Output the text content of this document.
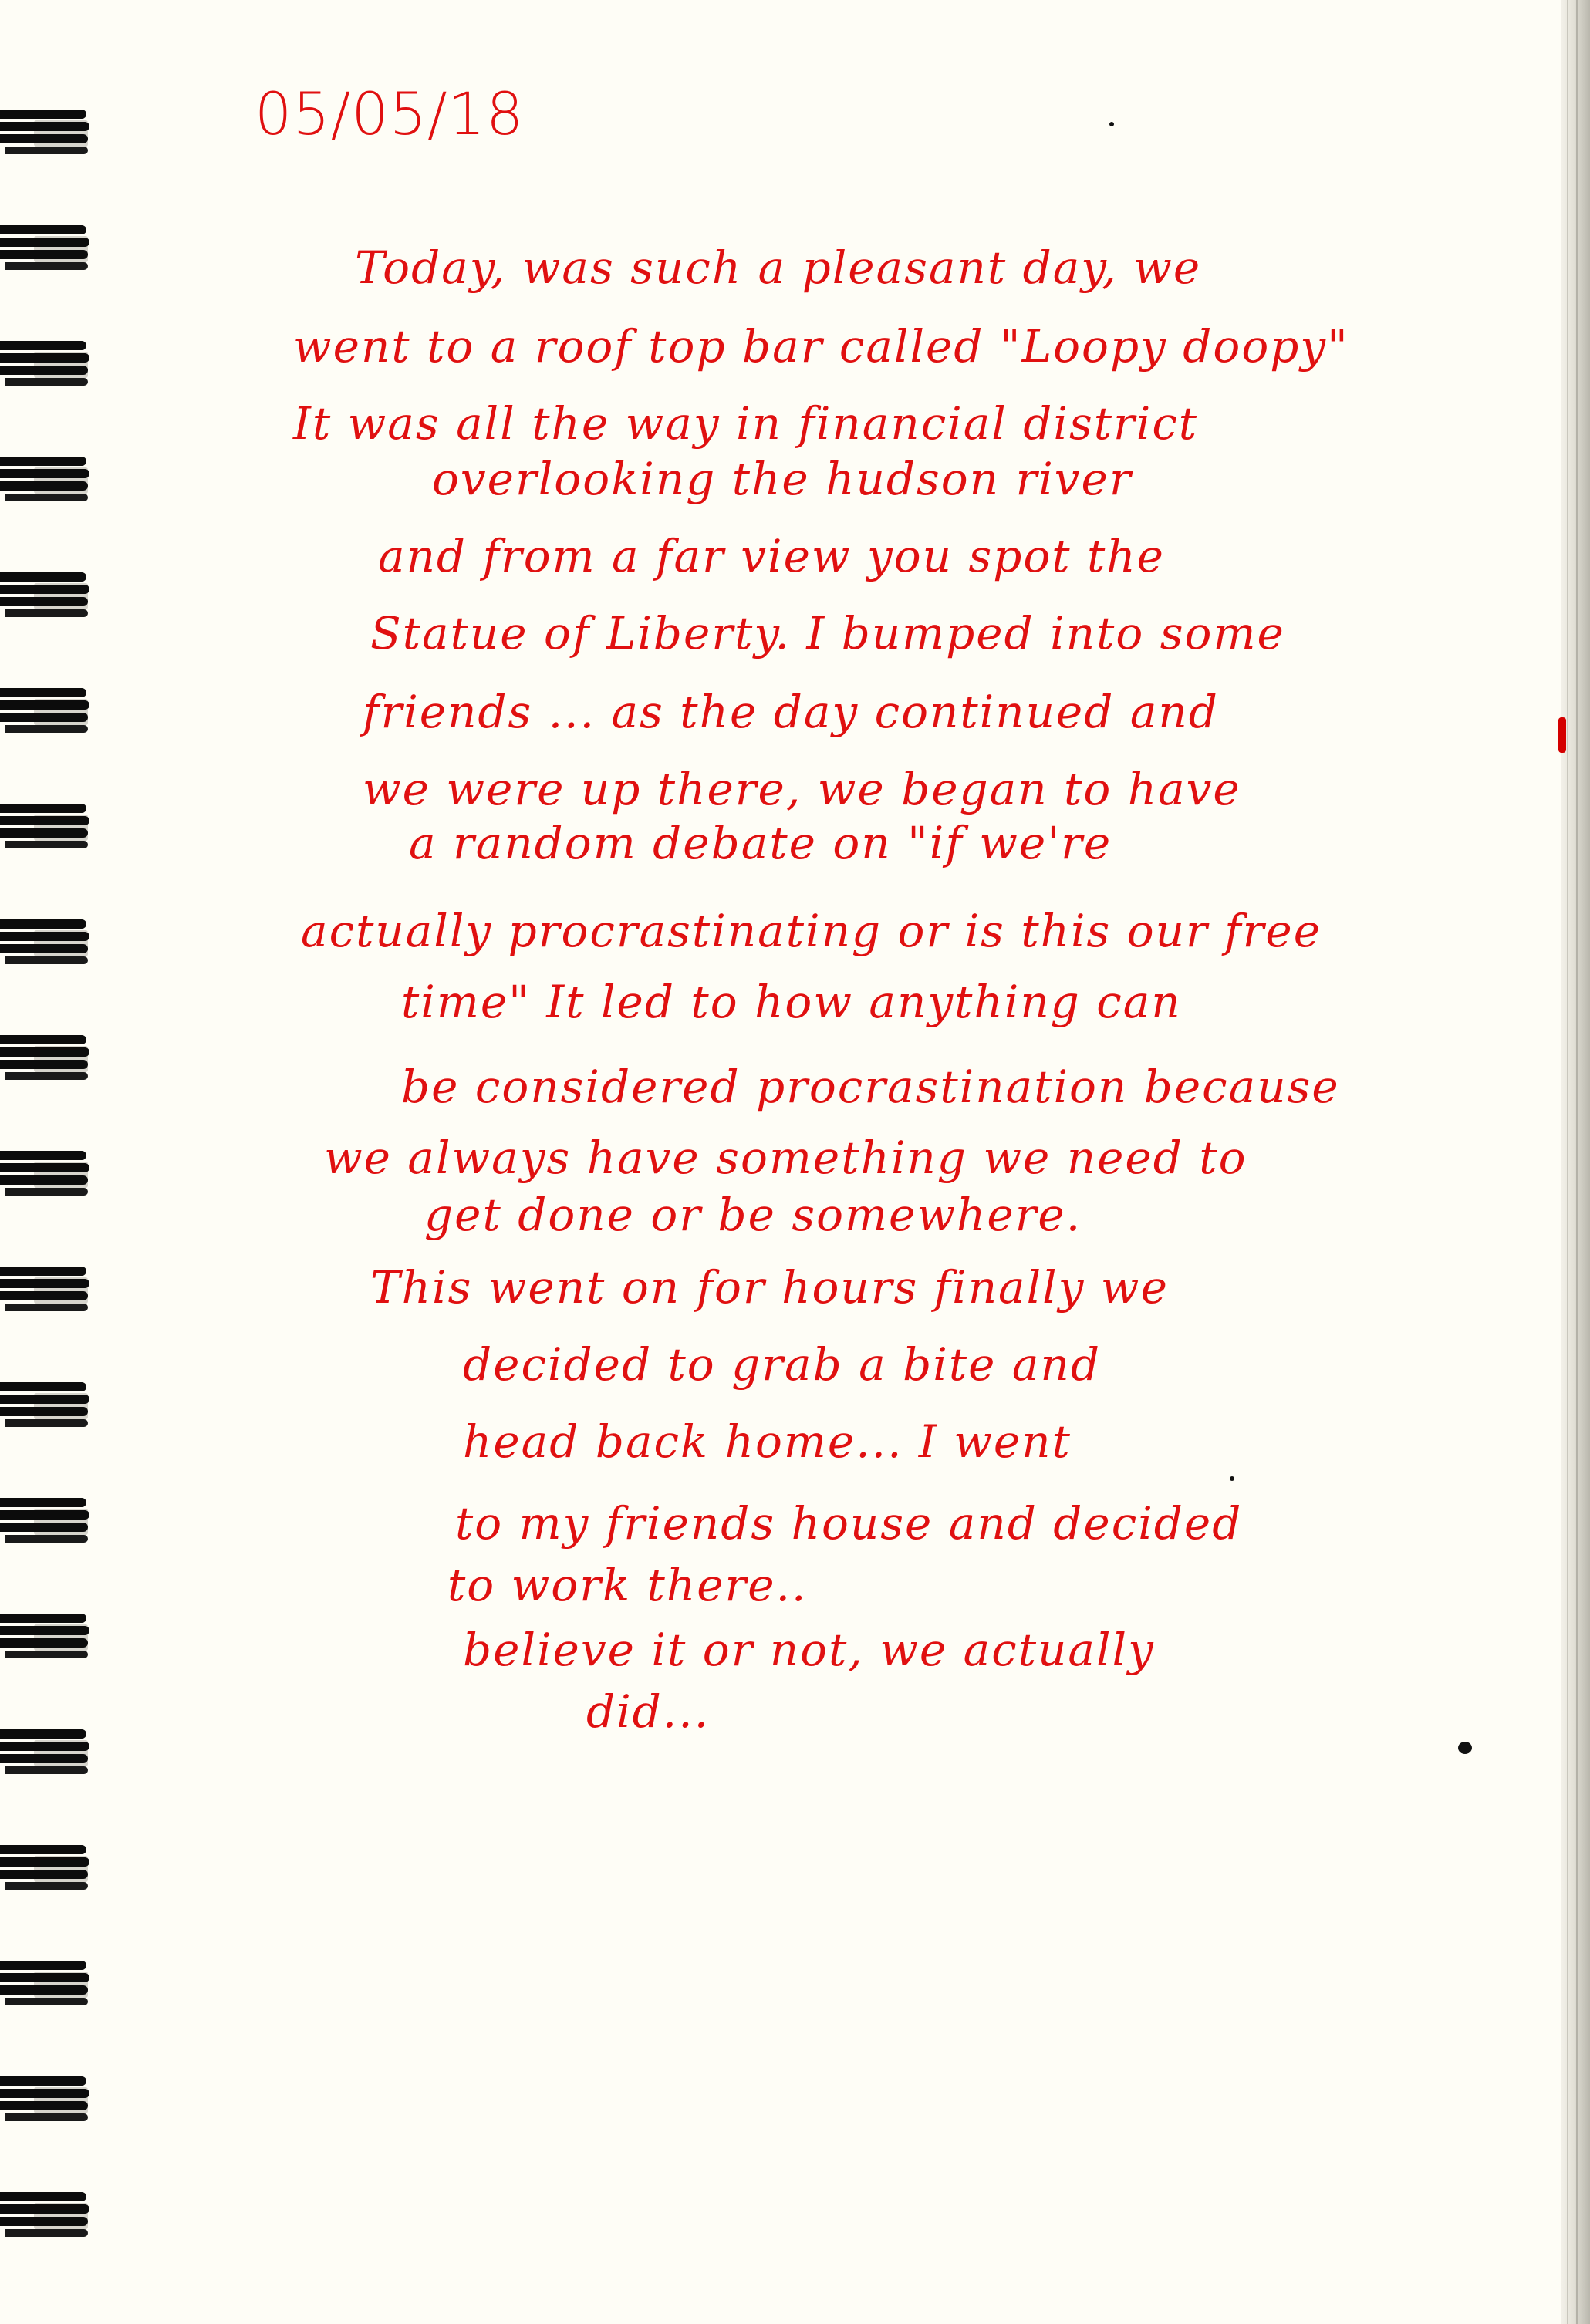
05/05/18

Today, was such a pleasant day, we

went to a roof top bar called "Loopy doopy"

It was all the way in financial district

overlooking the hudson river

and from a far view you spot the

Statue of Liberty. I bumped into some

friends ... as the day continued and

we were up there, we began to have

a random debate on "if we're

actually procrastinating or is this our free

time" It led to how anything can

be considered procrastination because

we always have something we need to

get done or be somewhere.

This went on for hours finally we

decided to grab a bite and

head back home... I went

to my friends house and decided

to work there..

believe it or not, we actually

did...
